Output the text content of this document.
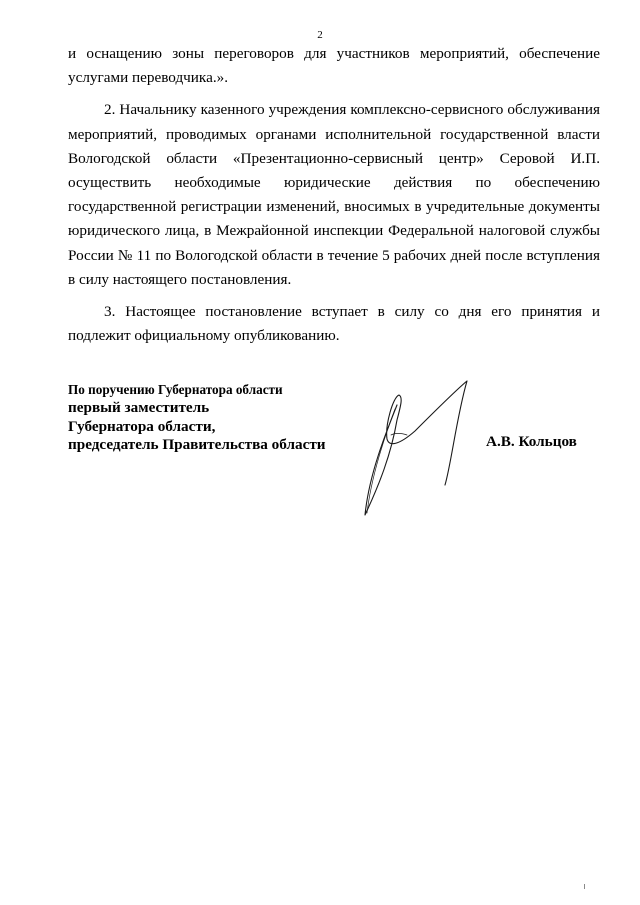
2

и оснащению зоны переговоров для участников мероприятий, обеспечение услугами переводчика.».

2. Начальнику казенного учреждения комплексно-сервисного обслуживания мероприятий, проводимых органами исполнительной государственной власти Вологодской области «Презентационно-сервисный центр» Серовой И.П. осуществить необходимые юридические действия по обеспечению государственной регистрации изменений, вносимых в учредительные документы юридического лица, в Межрайонной инспекции Федеральной налоговой службы России № 11 по Вологодской области в течение 5 рабочих дней после вступления в силу настоящего постановления.

3. Настоящее постановление вступает в силу со дня его принятия и подлежит официальному опубликованию.

По поручению Губернатора области
первый заместитель
Губернатора области,
председатель Правительства области	А.В. Кольцов
